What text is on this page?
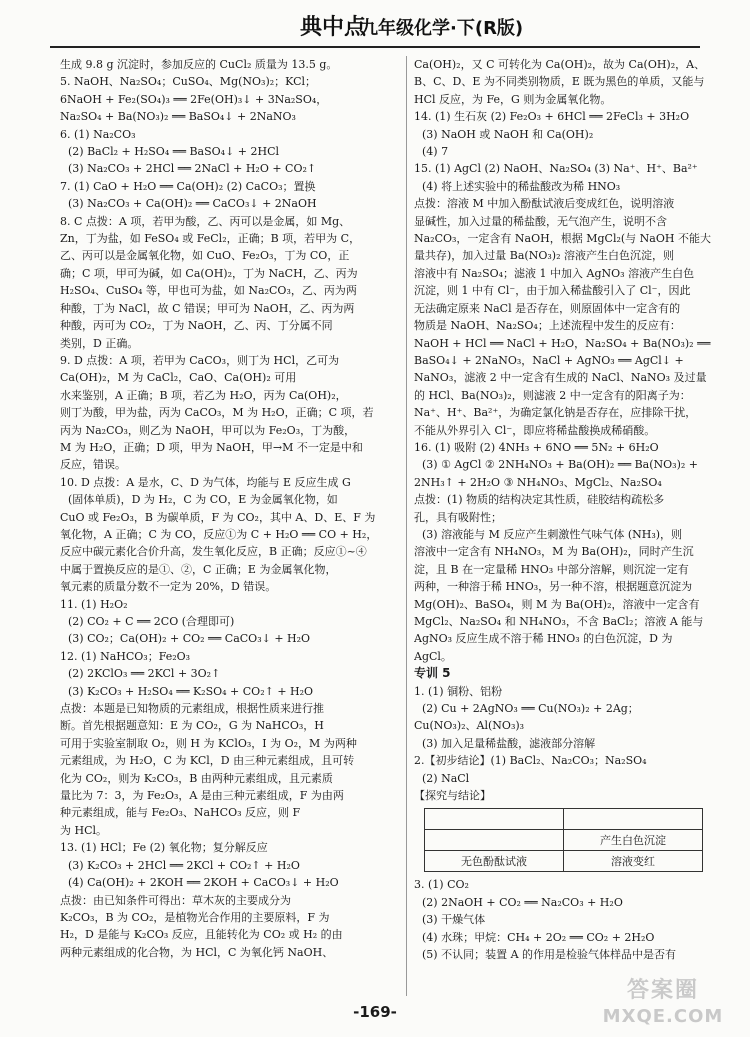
典中点
九年级化学·下(R版)
生成 9.8 g 沉淀时，参加反应的 CuCl₂ 质量为 13.5 g。
5. NaOH、Na₂SO₄；CuSO₄、Mg(NO₃)₂；KCl；
6NaOH + Fe₂(SO₄)₃ ══ 2Fe(OH)₃↓ + 3Na₂SO₄，
Na₂SO₄ + Ba(NO₃)₂ ══ BaSO₄↓ + 2NaNO₃
6. (1) Na₂CO₃
(2) BaCl₂ + H₂SO₄ ══ BaSO₄↓ + 2HCl
(3) Na₂CO₃ + 2HCl ══ 2NaCl + H₂O + CO₂↑
7. (1) CaO + H₂O ══ Ca(OH)₂ (2) CaCO₃；置换
(3) Na₂CO₃ + Ca(OH)₂ ══ CaCO₃↓ + 2NaOH
8. C 点拨：A 项，若甲为酸，乙、丙可以是金属，如 Mg、
Zn，丁为盐，如 FeSO₄ 或 FeCl₂，正确；B 项，若甲为 C，
乙、丙可以是金属氧化物，如 CuO、Fe₂O₃，丁为 CO，正
确；C 项，甲可为碱，如 Ca(OH)₂，丁为 NaCH，乙、丙为
H₂SO₄、CuSO₄ 等，甲也可为盐，如 Na₂CO₃，乙、丙为两
种酸，丁为 NaCl，故 C 错误；甲可为 NaOH，乙、丙为两
种酸，丙可为 CO₂，丁为 NaOH，乙、丙、丁分属不同
类别，D 正确。
9. D 点拨：A 项，若甲为 CaCO₃，则丁为 HCl，乙可为
Ca(OH)₂，M 为 CaCl₂，CaO、Ca(OH)₂ 可用
水来鉴别，A 正确；B 项，若乙为 H₂O，丙为 Ca(OH)₂，
则丁为酸，甲为盐，丙为 CaCO₃，M 为 H₂O，正确；C 项，若
丙为 Na₂CO₃，则乙为 NaOH，甲可以为 Fe₂O₃，丁为酸，
M 为 H₂O，正确；D 项，甲为 NaOH，甲→M 不一定是中和
反应，错误。
10. D 点拨：A 是水，C、D 为气体，均能与 E 反应生成 G
(固体单质)，D 为 H₂，C 为 CO，E 为金属氧化物，如
CuO 或 Fe₂O₃，B 为碳单质，F 为 CO₂，其中 A、D、E、F 为
氧化物，A 正确；C 为 CO，反应①为 C + H₂O ══ CO + H₂，
反应中碳元素化合价升高，发生氧化反应，B 正确；反应①~④
中属于置换反应的是①、②，C 正确；E 为金属氧化物，
氧元素的质量分数不一定为 20%，D 错误。
11. (1) H₂O₂
(2) CO₂ + C ══ 2CO (合理即可)
(3) CO₂；Ca(OH)₂ + CO₂ ══ CaCO₃↓ + H₂O
12. (1) NaHCO₃；Fe₂O₃
(2) 2KClO₃ ══ 2KCl + 3O₂↑
(3) K₂CO₃ + H₂SO₄ ══ K₂SO₄ + CO₂↑ + H₂O
点拨：本题是已知物质的元素组成，根据性质来进行推
断。首先根据题意知：E 为 CO₂，G 为 NaHCO₃，H
可用于实验室制取 O₂，则 H 为 KClO₃，I 为 O₂，M 为两种
元素组成，为 H₂O，C 为 KCl，D 由三种元素组成，且可转
化为 CO₂，则为 K₂CO₃，B 由两种元素组成，且元素质
量比为 7：3，为 Fe₂O₃，A 是由三种元素组成，F 为由两
种元素组成，能与 Fe₂O₃、NaHCO₃ 反应，则 F
为 HCl。
13. (1) HCl；Fe (2) 氧化物；复分解反应
(3) K₂CO₃ + 2HCl ══ 2KCl + CO₂↑ + H₂O
(4) Ca(OH)₂ + 2KOH ══ 2KOH + CaCO₃↓ + H₂O
点拨：由已知条件可得出：草木灰的主要成分为
K₂CO₃，B 为 CO₂，是植物光合作用的主要原料，F 为
H₂，D 是能与 K₂CO₃ 反应，且能转化为 CO₂ 或 H₂ 的由
两种元素组成的化合物，为 HCl，C 为氧化钙 NaOH、
Ca(OH)₂，又 C 可转化为 Ca(OH)₂，故为 Ca(OH)₂，A、
B、C、D、E 为不同类别物质，E 既为黑色的单质，又能与
HCl 反应，为 Fe，G 则为金属氧化物。
14. (1) 生石灰 (2) Fe₂O₃ + 6HCl ══ 2FeCl₃ + 3H₂O
(3) NaOH 或 NaOH 和 Ca(OH)₂
(4) 7
15. (1) AgCl (2) NaOH、Na₂SO₄ (3) Na⁺、H⁺、Ba²⁺
(4) 将上述实验中的稀盐酸改为稀 HNO₃
点拨：溶液 M 中加入酚酞试液后变成红色，说明溶液
显碱性，加入过量的稀盐酸，无气泡产生，说明不含
Na₂CO₃，一定含有 NaOH，根据 MgCl₂(与 NaOH 不能大
量共存)，加入过量 Ba(NO₃)₂ 溶液产生白色沉淀，则
溶液中有 Na₂SO₄；滤液 1 中加入 AgNO₃ 溶液产生白色
沉淀，则 1 中有 Cl⁻，由于加入稀盐酸引入了 Cl⁻，因此
无法确定原来 NaCl 是否存在，则原固体中一定含有的
物质是 NaOH、Na₂SO₄；上述流程中发生的反应有：
NaOH + HCl ══ NaCl + H₂O，Na₂SO₄ + Ba(NO₃)₂ ══
BaSO₄↓ + 2NaNO₃，NaCl + AgNO₃ ══ AgCl↓ +
NaNO₃，滤液 2 中一定含有生成的 NaCl、NaNO₃ 及过量
的 HCl、Ba(NO₃)₂，则滤液 2 中一定含有的阳离子为：
Na⁺、H⁺、Ba²⁺，为确定氯化钠是否存在，应排除干扰，
不能从外界引入 Cl⁻，即应将稀盐酸换成稀硝酸。
16. (1) 吸附 (2) 4NH₃ + 6NO ══ 5N₂ + 6H₂O
(3) ① AgCl ② 2NH₄NO₃ + Ba(OH)₂ ══ Ba(NO₃)₂ +
2NH₃↑ + 2H₂O ③ NH₄NO₃、MgCl₂、Na₂SO₄
点拨：(1) 物质的结构决定其性质，硅胶结构疏松多
孔，具有吸附性；
(3) 溶液能与 M 反应产生刺激性气味气体 (NH₃)，则
溶液中一定含有 NH₄NO₃，M 为 Ba(OH)₂，同时产生沉
淀，且 B 在一定量稀 HNO₃ 中部分溶解，则沉淀一定有
两种，一种溶于稀 HNO₃，另一种不溶，根据题意沉淀为
Mg(OH)₂、BaSO₄，则 M 为 Ba(OH)₂，溶液中一定含有
MgCl₂、Na₂SO₄ 和 NH₄NO₃，不含 BaCl₂；溶液 A 能与
AgNO₃ 反应生成不溶于稀 HNO₃ 的白色沉淀，D 为
AgCl。
专训 5
1. (1) 铜粉、铝粉
(2) Cu + 2AgNO₃ ══ Cu(NO₃)₂ + 2Ag；
Cu(NO₃)₂、Al(NO₃)₃
(3) 加入足量稀盐酸，滤液部分溶解
2.【初步结论】(1) BaCl₂、Na₂CO₃；Na₂SO₄
(2) NaCl
【探究与结论】

	产生白色沉淀
无色酚酞试液	溶液变红
3. (1) CO₂
(2) 2NaOH + CO₂ ══ Na₂CO₃ + H₂O
(3) 干燥气体
(4) 水珠；甲烷：CH₄ + 2O₂ ══ CO₂ + 2H₂O
(5) 不认同；装置 A 的作用是检验气体样品中是否有
-169-
答案圈
MXQE.COM
